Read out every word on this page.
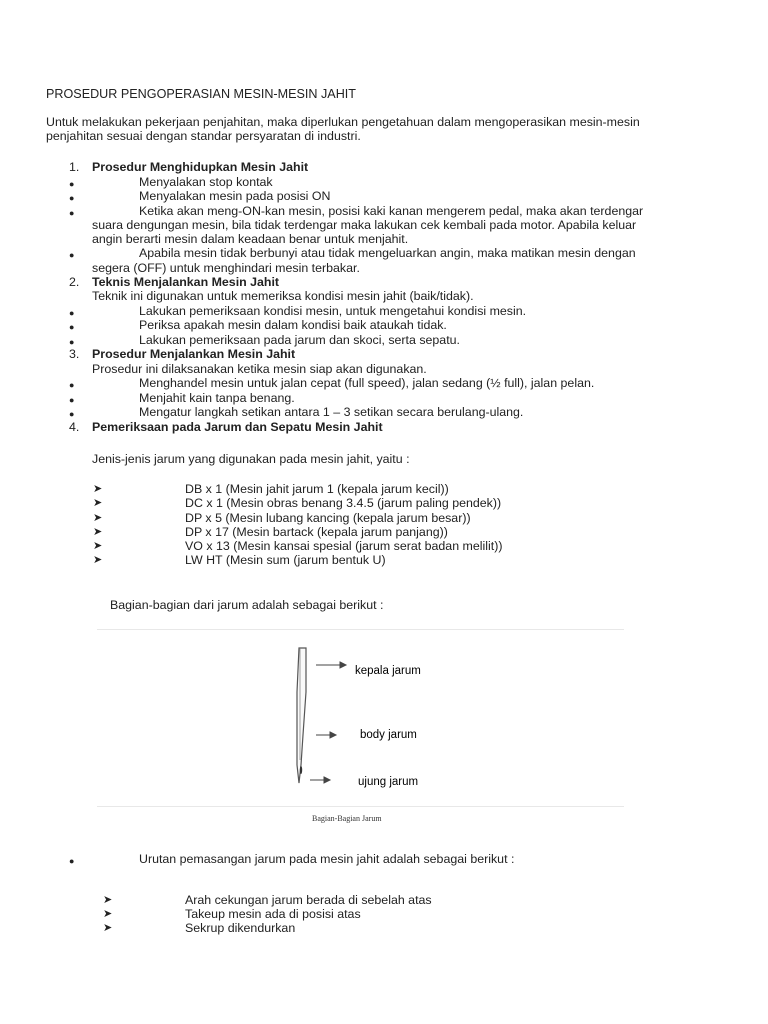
PROSEDUR PENGOPERASIAN MESIN-MESIN JAHIT
Untuk melakukan pekerjaan penjahitan, maka diperlukan pengetahuan dalam mengoperasikan mesin-mesin penjahitan sesuai dengan standar persyaratan di industri.
1. Prosedur Menghidupkan Mesin Jahit
●	Menyalakan stop kontak
●	Menyalakan mesin pada posisi ON
●	Ketika akan meng-ON-kan mesin, posisi kaki kanan mengerem pedal, maka akan terdengar
suara dengungan mesin, bila tidak terdengar maka lakukan cek kembali pada motor. Apabila keluar
angin berarti mesin dalam keadaan benar untuk menjahit.
●	Apabila mesin tidak berbunyi atau tidak mengeluarkan angin, maka matikan mesin dengan
segera (OFF) untuk menghindari mesin terbakar.
2. Teknis Menjalankan Mesin Jahit
Teknik ini digunakan untuk memeriksa kondisi mesin jahit (baik/tidak).
●	Lakukan pemeriksaan kondisi mesin, untuk mengetahui kondisi mesin.
●	Periksa apakah mesin dalam kondisi baik ataukah tidak.
●	Lakukan pemeriksaan pada jarum dan skoci, serta sepatu.
3. Prosedur Menjalankan Mesin Jahit
Prosedur ini dilaksanakan ketika mesin siap akan digunakan.
●	Menghandel mesin untuk jalan cepat (full speed), jalan sedang (½ full), jalan pelan.
●	Menjahit kain tanpa benang.
●	Mengatur langkah setikan antara 1 – 3 setikan secara berulang-ulang.
4. Pemeriksaan pada Jarum dan Sepatu Mesin Jahit
Jenis-jenis jarum yang digunakan pada mesin jahit, yaitu :
➤	DB x 1 (Mesin jahit jarum 1 (kepala jarum kecil))
➤	DC x 1 (Mesin obras benang 3.4.5 (jarum paling pendek))
➤	DP x 5 (Mesin lubang kancing (kepala jarum besar))
➤	DP x 17 (Mesin bartack (kepala jarum panjang))
➤	VO x 13 (Mesin kansai spesial (jarum serat badan melilit))
➤	LW HT (Mesin sum (jarum bentuk U)
Bagian-bagian dari jarum adalah sebagai berikut :
kepala jarum
body jarum
ujung jarum
Bagian-Bagian Jarum
●	Urutan pemasangan jarum pada mesin jahit adalah sebagai berikut :
➤	Arah cekungan jarum berada di sebelah atas
➤	Takeup mesin ada di posisi atas
➤	Sekrup dikendurkan
